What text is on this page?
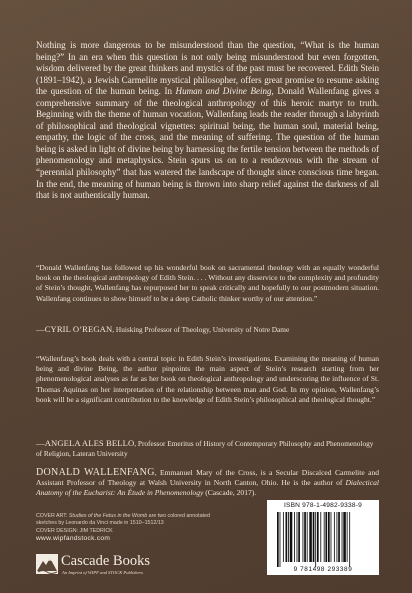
Nothing is more dangerous to be misunderstood than the question, “What is the human being?” In an era when this question is not only being misunderstood but even forgotten, wisdom delivered by the great thinkers and mystics of the past must be recovered. Edith Stein (1891–1942), a Jewish Carmelite mystical philosopher, offers great promise to resume asking the question of the human being. In Human and Divine Being, Donald Wallenfang gives a comprehensive summary of the theological anthropology of this heroic martyr to truth. Beginning with the theme of human vocation, Wallenfang leads the reader through a labyrinth of philosophical and theological vignettes: spiritual being, the human soul, material being, empathy, the logic of the cross, and the meaning of suffering. The question of the human being is asked in light of divine being by harnessing the fertile tension between the methods of phenomenology and metaphysics. Stein spurs us on to a rendezvous with the stream of “perennial philosophy” that has watered the landscape of thought since conscious time began. In the end, the meaning of human being is thrown into sharp relief against the darkness of all that is not authentically human.

“Donald Wallenfang has followed up his wonderful book on sacramental theology with an equally wonderful book on the theological anthropology of Edith Stein. . . . Without any disservice to the complexity and profundity of Stein’s thought, Wallenfang has repurposed her to speak critically and hopefully to our postmodern situation. Wallenfang continues to show himself to be a deep Catholic thinker worthy of our attention.”

—CYRIL O’REGAN, Huisking Professor of Theology, University of Notre Dame

“Wallenfang’s book deals with a central topic in Edith Stein’s investigations. Examining the meaning of human being and divine Being, the author pinpoints the main aspect of Stein’s research starting from her phenomenological analyses as far as her book on theological anthropology and underscoring the influence of St. Thomas Aquinas on her interpretation of the relationship between man and God. In my opinion, Wallenfang’s book will be a significant contribution to the knowledge of Edith Stein’s philosophical and theological thought.”

—ANGELA ALES BELLO, Professor Emeritus of History of Contemporary Philosophy and Phenomenology of Religion, Lateran University

DONALD WALLENFANG, Emmanuel Mary of the Cross, is a Secular Discalced Carmelite and Assistant Professor of Theology at Walsh University in North Canton, Ohio. He is the author of Dialectical Anatomy of the Eucharist: An Étude in Phenomenology (Cascade, 2017).

COVER ART: Studies of the Fetus in the Womb are two colored annotated sketches by Leonardo da Vinci made in 1510–1512/13
COVER DESIGN: JIM TEDRICK
www.wipfandstock.com
Cascade Books
An Imprint of WIPF and STOCK Publishers
ISBN 978-1-4982-9338-9
9 781498 293389
